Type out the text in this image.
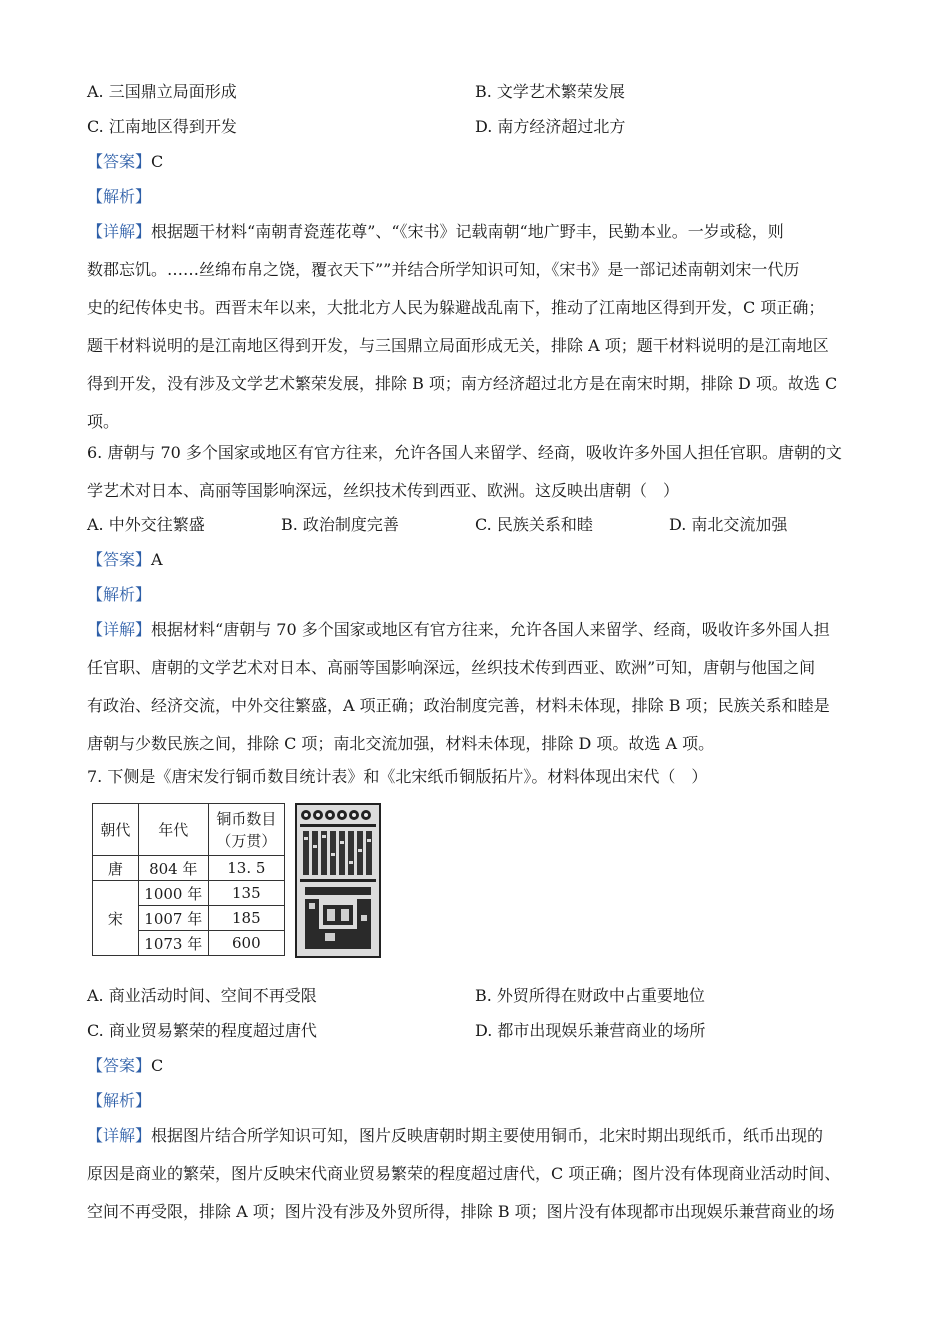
A. 三国鼎立局面形成	B. 文学艺术繁荣发展
C. 江南地区得到开发	D. 南方经济超过北方
【答案】C
【解析】
【详解】根据题干材料“南朝青瓷莲花尊”、“《宋书》记载南朝“地广野丰，民勤本业。一岁或稔，则
数郡忘饥。……丝绵布帛之饶，覆衣天下””并结合所学知识可知，《宋书》是一部记述南朝刘宋一代历
史的纪传体史书。西晋末年以来，大批北方人民为躲避战乱南下，推动了江南地区得到开发，C 项正确；
题干材料说明的是江南地区得到开发，与三国鼎立局面形成无关，排除 A 项；题干材料说明的是江南地区
得到开发，没有涉及文学艺术繁荣发展，排除 B 项；南方经济超过北方是在南宋时期，排除 D 项。故选 C
项。
6. 唐朝与 70 多个国家或地区有官方往来，允许各国人来留学、经商，吸收许多外国人担任官职。唐朝的文
学艺术对日本、高丽等国影响深远，丝织技术传到西亚、欧洲。这反映出唐朝（　）
A. 中外交往繁盛	B. 政治制度完善	C. 民族关系和睦	D. 南北交流加强
【答案】A
【解析】
【详解】根据材料“唐朝与 70 多个国家或地区有官方往来，允许各国人来留学、经商，吸收许多外国人担
任官职、唐朝的文学艺术对日本、高丽等国影响深远，丝织技术传到西亚、欧洲”可知，唐朝与他国之间
有政治、经济交流，中外交往繁盛，A 项正确；政治制度完善，材料未体现，排除 B 项；民族关系和睦是
唐朝与少数民族之间，排除 C 项；南北交流加强，材料未体现，排除 D 项。故选 A 项。
7. 下侧是《唐宋发行铜币数目统计表》和《北宋纸币铜版拓片》。材料体现出宋代（　）
朝代	年代	铜币数目
（万贯）

唐	804 年	13. 5
宋	1000 年	135
	1007 年	185
	1073 年	600
A. 商业活动时间、空间不再受限	B. 外贸所得在财政中占重要地位
C. 商业贸易繁荣的程度超过唐代	D. 都市出现娱乐兼营商业的场所
【答案】C
【解析】
【详解】根据图片结合所学知识可知，图片反映唐朝时期主要使用铜币，北宋时期出现纸币，纸币出现的
原因是商业的繁荣，图片反映宋代商业贸易繁荣的程度超过唐代，C 项正确；图片没有体现商业活动时间、
空间不再受限，排除 A 项；图片没有涉及外贸所得，排除 B 项；图片没有体现都市出现娱乐兼营商业的场
